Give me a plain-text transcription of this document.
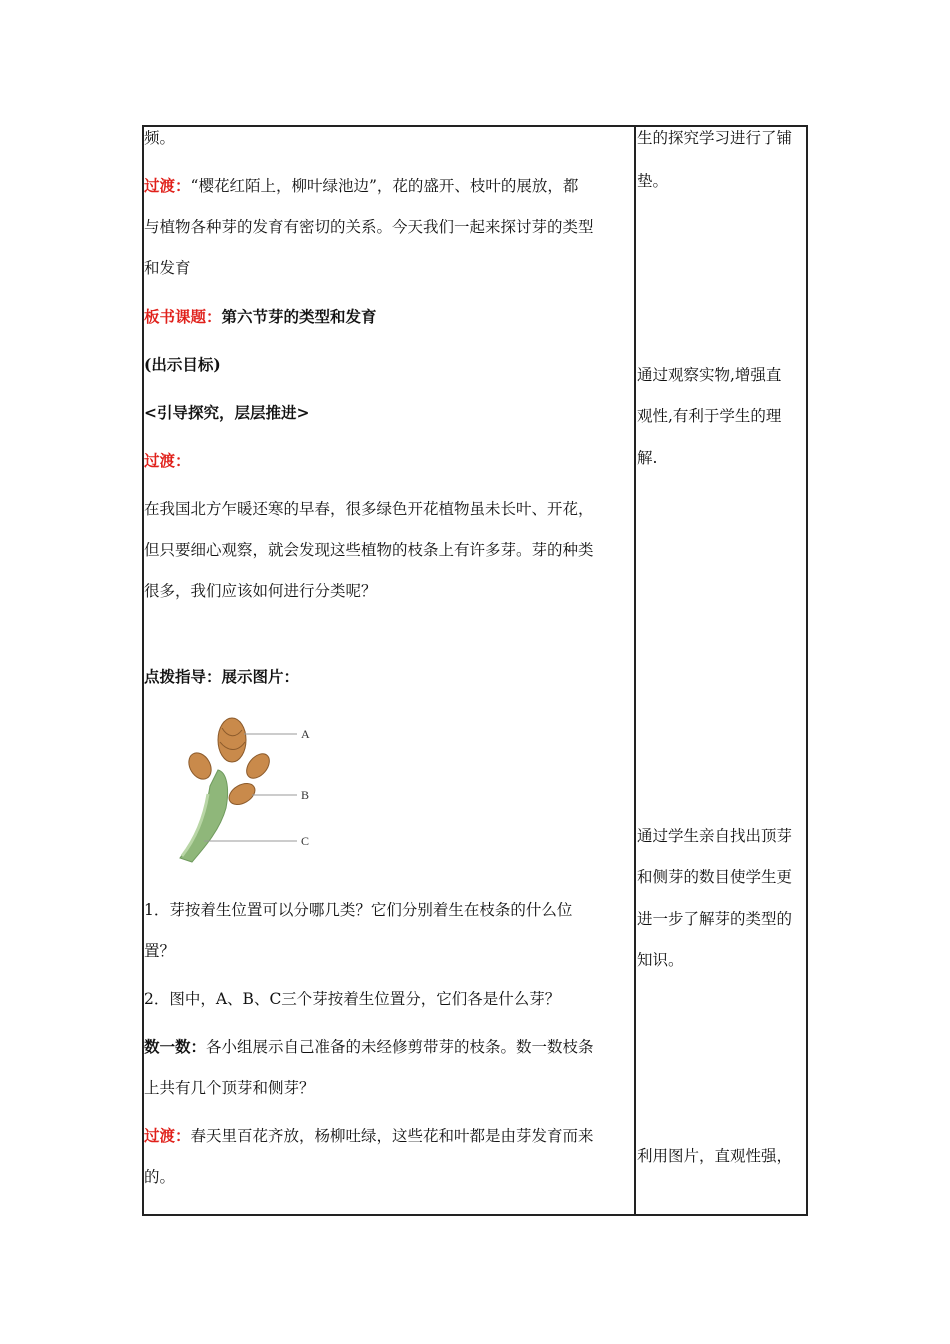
频。
过渡：“樱花红陌上，柳叶绿池边”，花的盛开、枝叶的展放，都
与植物各种芽的发育有密切的关系。今天我们一起来探讨芽的类型
和发育
板书课题：第六节芽的类型和发育
(出示目标)
<引导探究，层层推进>
过渡：
在我国北方乍暖还寒的早春，很多绿色开花植物虽未长叶、开花，
但只要细心观察，就会发现这些植物的枝条上有许多芽。芽的种类
很多，我们应该如何进行分类呢？
点拨指导：展示图片：
A
B
C
1．芽按着生位置可以分哪几类？它们分别着生在枝条的什么位
置？
2．图中，A、B、C三个芽按着生位置分，它们各是什么芽？
数一数：各小组展示自己准备的未经修剪带芽的枝条。数一数枝条
上共有几个顶芽和侧芽？
过渡：春天里百花齐放，杨柳吐绿，这些花和叶都是由芽发育而来
的。
生的探究学习进行了铺
垫。
通过观察实物,增强直
观性,有利于学生的理
解.
通过学生亲自找出顶芽
和侧芽的数目使学生更
进一步了解芽的类型的
知识。
利用图片，直观性强，
